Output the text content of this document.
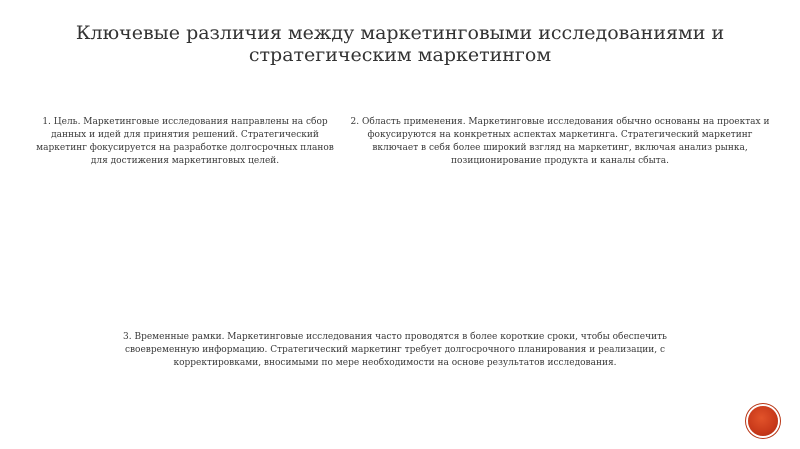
Ключевые различия между маркетинговыми исследованиями и стратегическим маркетингом
1. Цель. Маркетинговые исследования направлены на сбор данных и идей для принятия решений. Стратегический маркетинг фокусируется на разработке долгосрочных планов для достижения маркетинговых целей.
2. Область применения. Маркетинговые исследования обычно основаны на проектах и фокусируются на конкретных аспектах маркетинга. Стратегический маркетинг включает в себя более широкий взгляд на маркетинг, включая анализ рынка, позиционирование продукта и каналы сбыта.
3. Временные рамки. Маркетинговые исследования часто проводятся в более короткие сроки, чтобы обеспечить своевременную информацию. Стратегический маркетинг требует долгосрочного планирования и реализации, с корректировками, вносимыми по мере необходимости на основе результатов исследования.
